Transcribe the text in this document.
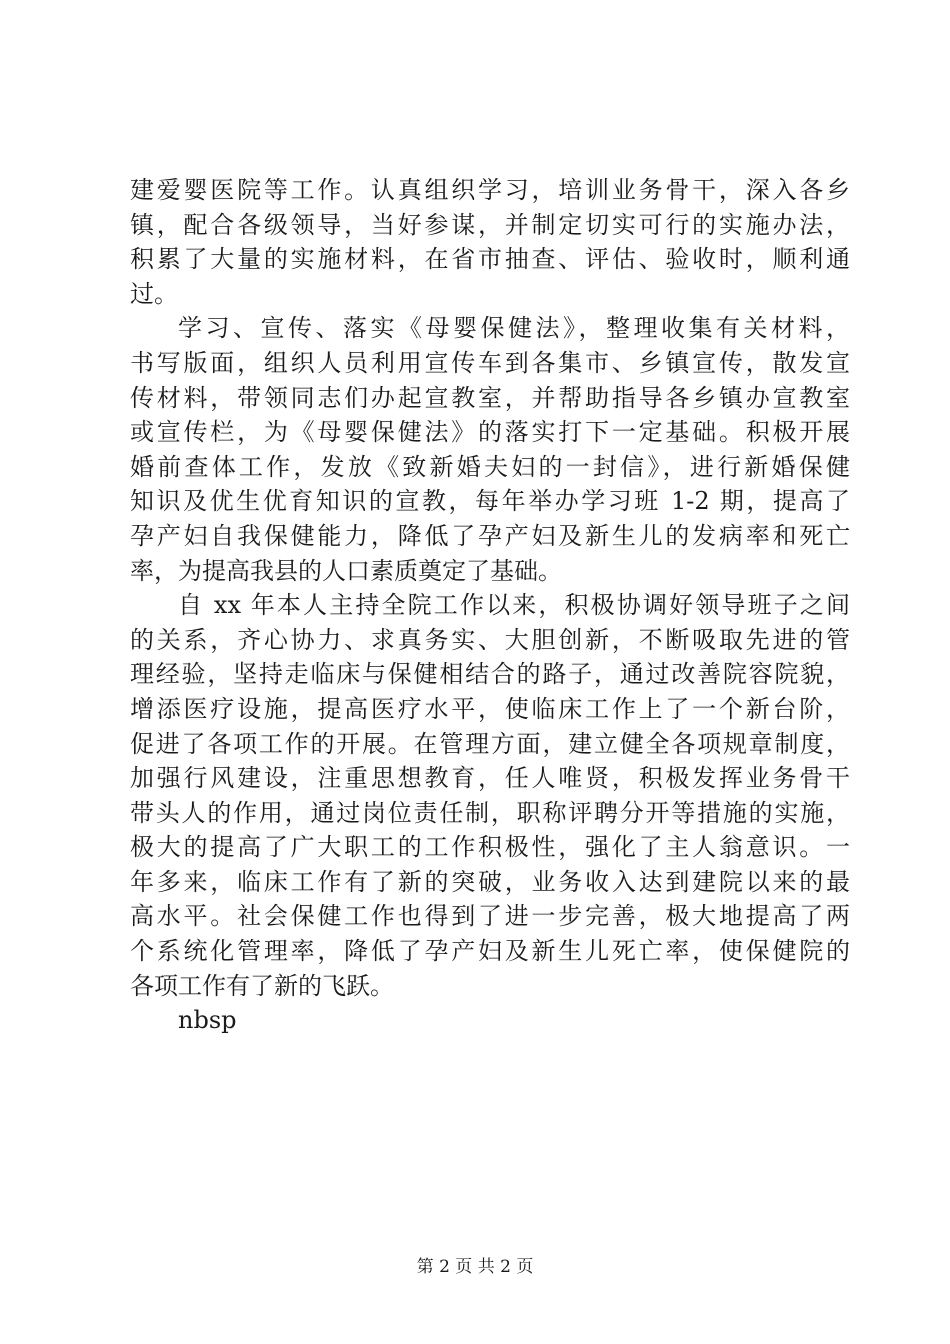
建爱婴医院等工作。认真组织学习，培训业务骨干，深入各乡
镇，配合各级领导，当好参谋，并制定切实可行的实施办法，
积累了大量的实施材料，在省市抽查、评估、验收时，顺利通
过。
学习、宣传、落实《母婴保健法》，整理收集有关材料，
书写版面，组织人员利用宣传车到各集市、乡镇宣传，散发宣
传材料，带领同志们办起宣教室，并帮助指导各乡镇办宣教室
或宣传栏，为《母婴保健法》的落实打下一定基础。积极开展
婚前查体工作，发放《致新婚夫妇的一封信》，进行新婚保健
知识及优生优育知识的宣教，每年举办学习班 1-2 期，提高了
孕产妇自我保健能力，降低了孕产妇及新生儿的发病率和死亡
率，为提高我县的人口素质奠定了基础。
自 xx 年本人主持全院工作以来，积极协调好领导班子之间
的关系，齐心协力、求真务实、大胆创新，不断吸取先进的管
理经验，坚持走临床与保健相结合的路子，通过改善院容院貌，
增添医疗设施，提高医疗水平，使临床工作上了一个新台阶，
促进了各项工作的开展。在管理方面，建立健全各项规章制度，
加强行风建设，注重思想教育，任人唯贤，积极发挥业务骨干
带头人的作用，通过岗位责任制，职称评聘分开等措施的实施，
极大的提高了广大职工的工作积极性，强化了主人翁意识。一
年多来，临床工作有了新的突破，业务收入达到建院以来的最
高水平。社会保健工作也得到了进一步完善，极大地提高了两
个系统化管理率，降低了孕产妇及新生儿死亡率，使保健院的
各项工作有了新的飞跃。
nbsp
第 2 页 共 2 页
